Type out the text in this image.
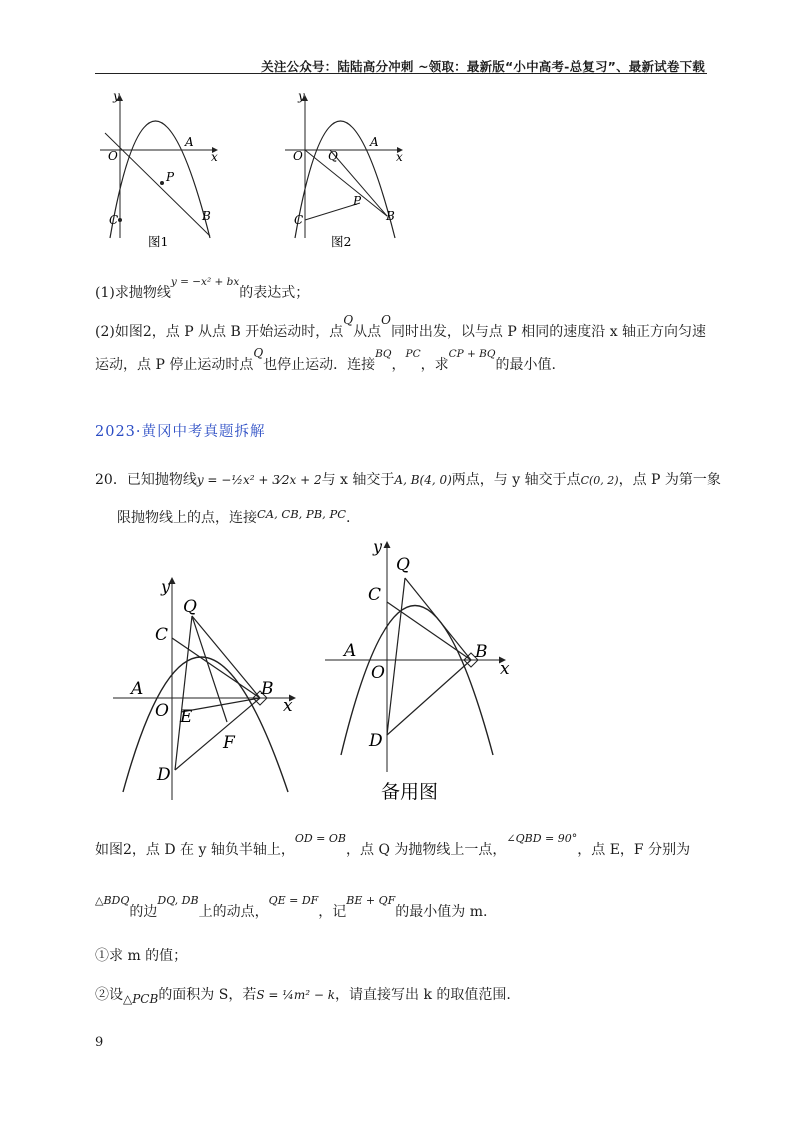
关注公众号：陆陆高分冲刺 ~领取：最新版“小中高考-总复习”、最新试卷下载
y
x
O
A
P
B
C
图1
y
x
O Q
A
P
B
C
图2
(1)求抛物线$^{y = -x^2 + bx}$的表达式；
(2)如图2，点 P 从点 B 开始运动时，点Q从点O同时出发，以与点 P 相同的速度沿 x 轴正方向匀速
运动，点 P 停止运动时点Q也停止运动．连接$^{BQ}$，$^{PC}$，求$^{CP + BQ}$的最小值.
2023·黄冈中考真题拆解
20．已知抛物线y = −½x² + 3⁄2x + 2与 x 轴交于A, B(4, 0)两点，与 y 轴交于点C(0, 2)，点 P 为第一象
限抛物线上的点，连接$^{CA, CB, PB, PC}$.
y
Q
C
A
O E
B
x
F
D
y
Q
C
A
O
B
x
D
备用图
如图2，点 D 在 y 轴负半轴上，$^{OD = OB}$，点 Q 为抛物线上一点，$^{\angle QBD = 90^\circ}$，点 E，F 分别为
$^{\triangle BDQ}$的边$^{DQ, DB}$上的动点，$^{QE = DF}$，记$^{BE + QF}$的最小值为 m.
①求 m 的值；
②设△PCB的面积为 S，若S = ¼m² − k，请直接写出 k 的取值范围.
9
